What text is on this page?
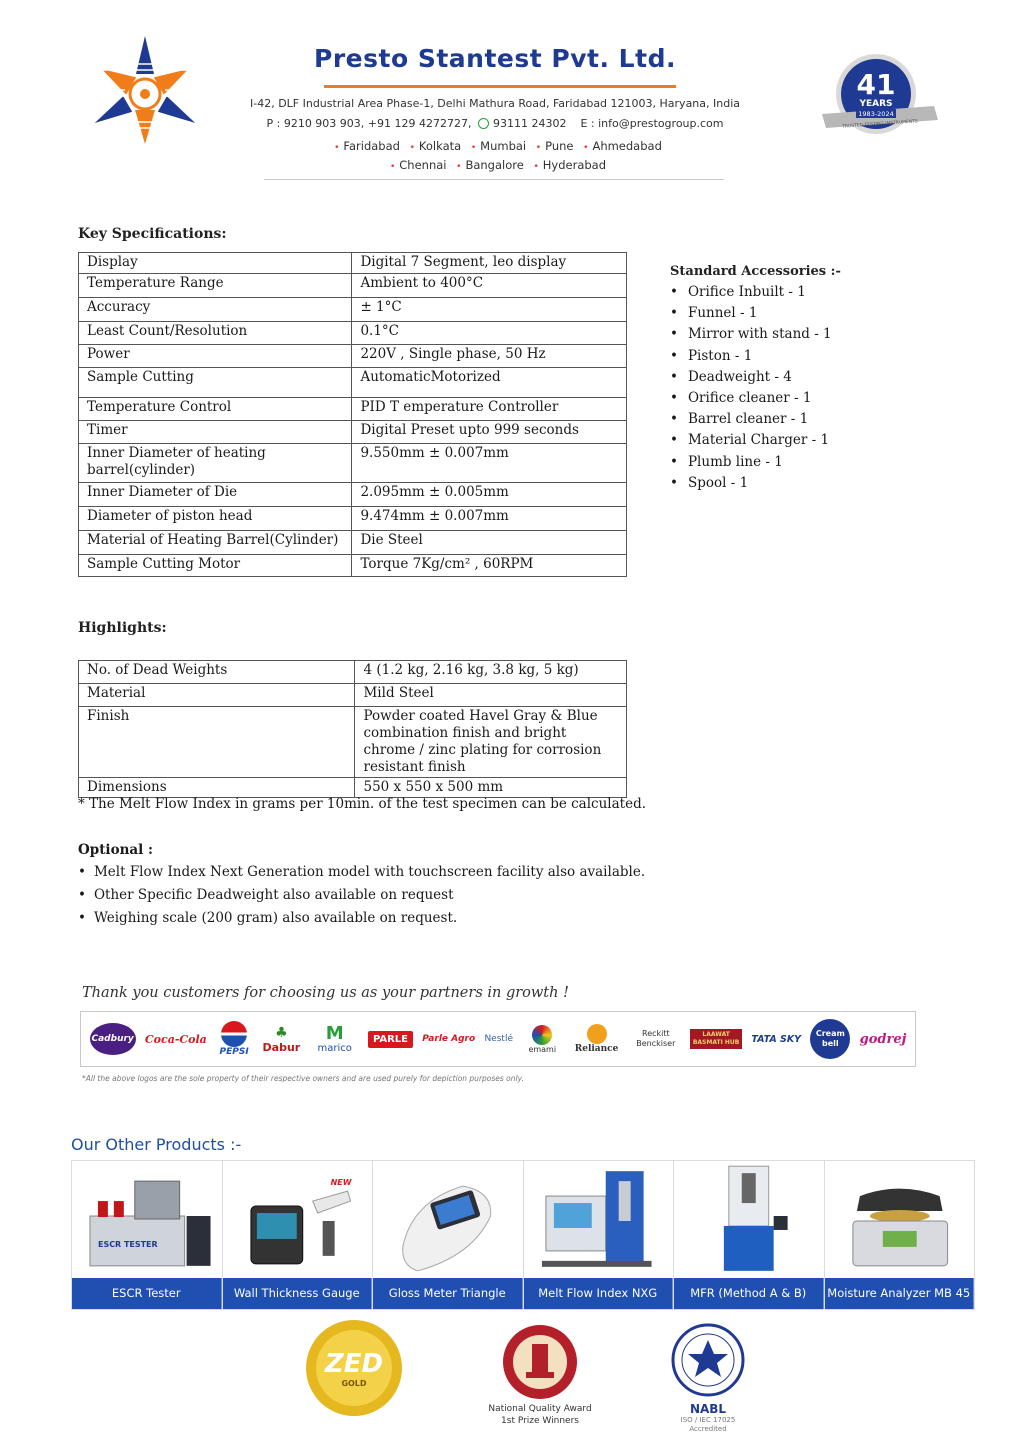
Presto Stantest Pvt. Ltd.
I-42, DLF Industrial Area Phase-1, Delhi Mathura Road, Faridabad 121003, Haryana, India
P : 9210 903 903, +91 129 4272727, 93111 24302 E : info@prestogroup.com
• Faridabad • Kolkata • Mumbai • Pune • Ahmedabad
• Chennai • Bangalore • Hyderabad
41
YEARS
1983-2024
TRUSTED TESTING INSTRUMENTS
Key Specifications:
Display	Digital 7 Segment, leo display
Temperature Range	Ambient to 400°C
Accuracy	± 1°C
Least Count/Resolution	0.1°C
Power	220V , Single phase, 50 Hz
Sample Cutting	AutomaticMotorized
Temperature Control	PID T emperature Controller
Timer	Digital Preset upto 999 seconds
Inner Diameter of heating barrel(cylinder)	9.550mm ± 0.007mm
Inner Diameter of Die	2.095mm ± 0.005mm
Diameter of piston head	9.474mm ± 0.007mm
Material of Heating Barrel(Cylinder)	Die Steel
Sample Cutting Motor	Torque 7Kg/cm² , 60RPM
Standard Accessories :-
• Orifice Inbuilt - 1
• Funnel - 1
• Mirror with stand - 1
• Piston - 1
• Deadweight - 4
• Orifice cleaner - 1
• Barrel cleaner - 1
• Material Charger - 1
• Plumb line - 1
• Spool - 1
Highlights:
No. of Dead Weights	4 (1.2 kg, 2.16 kg, 3.8 kg, 5 kg)
Material	Mild Steel
Finish	Powder coated Havel Gray & Blue combination finish and bright chrome / zinc plating for corrosion resistant finish
Dimensions	550 x 550 x 500 mm
* The Melt Flow Index in grams per 10min. of the test specimen can be calculated.
Optional :
• Melt Flow Index Next Generation model with touchscreen facility also available.
• Other Specific Deadweight also available on request
• Weighing scale (200 gram) also available on request.
Thank you customers for choosing us as your partners in growth !
Cadbury Coca-Cola
PEPSI
♣
Dabur
M
marico
PARLE	Parle Agro Nestlé
emami	Reliance
Reckitt Benckiser
LAAWAT BASMATI HUB TATA SKY	Cream bell	godrej
*All the above logos are the sole property of their respective owners and are used purely for depiction purposes only.
Our Other Products :-
ESCR TESTER
ESCR Tester
NEW
Wall Thickness Gauge	Gloss Meter Triangle	Melt Flow Index NXG	MFR (Method A & B)	Moisture Analyzer MB 45
ZED
GOLD
National Quality Award
1st Prize Winners
NABL
ISO / IEC 17025
Accredited
